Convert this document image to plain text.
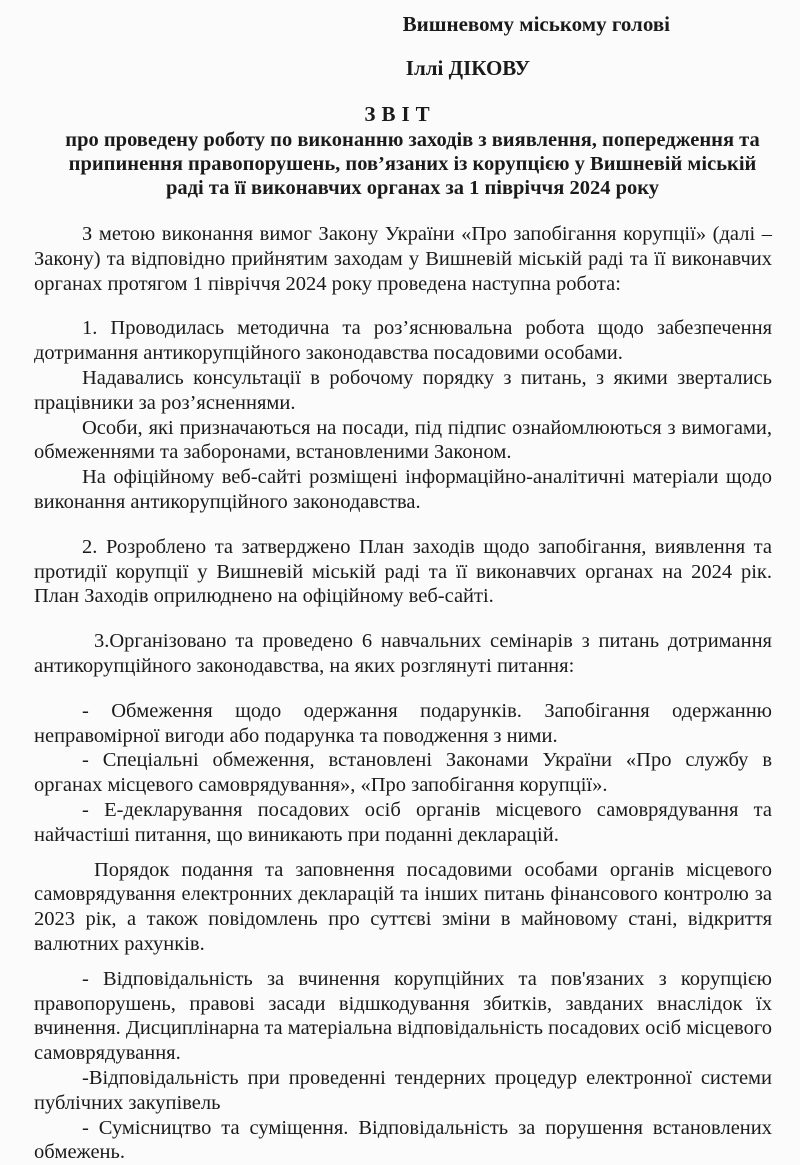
Вишневому міському голові
Іллі ДІКОВУ
ЗВІТ
про проведену роботу по виконанню заходів з виявлення, попередження та припинення правопорушень, пов’язаних із корупцією у Вишневій міській раді та її виконавчих органах за 1 півріччя 2024 року

З метою виконання вимог Закону України «Про запобігання корупції» (далі – Закону) та відповідно прийнятим заходам у Вишневій міській раді та її виконавчих органах протягом 1 півріччя 2024 року проведена наступна робота:

1. Проводилась методична та роз’яснювальна робота щодо забезпечення дотримання антикорупційного законодавства посадовими особами.

Надавались консультації в робочому порядку з питань, з якими звертались працівники за роз’ясненнями.

Особи, які призначаються на посади, під підпис ознайомлюються з вимогами, обмеженнями та заборонами, встановленими Законом.

На офіційному веб-сайті розміщені інформаційно-аналітичні матеріали щодо виконання антикорупційного законодавства.

2. Розроблено та затверджено План заходів щодо запобігання, виявлення та протидії корупції у Вишневій міській раді та її виконавчих органах на 2024 рік. План Заходів оприлюднено на офіційному веб-сайті.

3.Організовано та проведено 6 навчальних семінарів з питань дотримання антикорупційного законодавства, на яких розглянуті питання:

- Обмеження щодо одержання подарунків. Запобігання одержанню неправомірної вигоди або подарунка та поводження з ними.

- Спеціальні обмеження, встановлені Законами України «Про службу в органах місцевого самоврядування», «Про запобігання корупції».

- Е-декларування посадових осіб органів місцевого самоврядування та найчастіші питання, що виникають при поданні декларацій.

Порядок подання та заповнення посадовими особами органів місцевого самоврядування електронних декларацій та інших питань фінансового контролю за 2023 рік, а також повідомлень про суттєві зміни в майновому стані, відкриття валютних рахунків.

- Відповідальність за вчинення корупційних та пов'язаних з корупцією правопорушень, правові засади відшкодування збитків, завданих внаслідок їх вчинення. Дисциплінарна та матеріальна відповідальність посадових осіб місцевого самоврядування.

-Відповідальність при проведенні тендерних процедур електронної системи публічних закупівель

- Сумісництво та суміщення. Відповідальність за порушення встановлених обмежень.
